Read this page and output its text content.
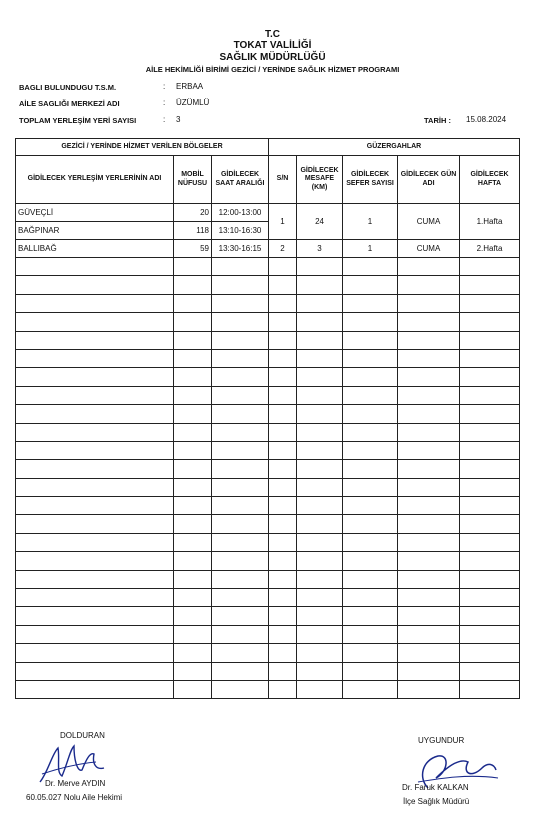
T.C
TOKAT VALİLİĞİ
SAĞLIK MÜDÜRLÜĞÜ
AİLE HEKİMLİĞİ BİRİMİ GEZİCİ / YERİNDE SAĞLIK HİZMET PROGRAMI
BAGLI BULUNDUGU T.S.M.	: ERBAA
AİLE SAGLIĞI MERKEZİ ADI	: ÜZÜMLÜ
TOPLAM YERLEŞİM YERİ SAYISI	: 3	TARİH : 15.08.2024
GEZİCİ / YERİNDE HİZMET VERİLEN BÖLGELER			GÜZERGAHLAR				
GİDİLECEK YERLEŞİM YERLERİNİN ADI	MOBİL NÜFUSU	GİDİLECEK SAAT ARALIĞI	S/N	GİDİLECEK MESAFE (KM)	GİDİLECEK SEFER SAYISI	GİDİLECEK GÜN ADI	GİDİLECEK HAFTA
GÜVEÇLİ	20	12:00-13:00	1	24	1	CUMA	1.Hafta
BAĞPINAR	118	13:10-16:30					
BALLIBAĞ	59	13:30-16:15	2	3	1	CUMA	2.Hafta

DOLDURAN
Dr. Merve AYDIN
60.05.027 Nolu Aile Hekimi
UYGUNDUR
Dr. Faruk KALKAN
İlçe Sağlık Müdürü
